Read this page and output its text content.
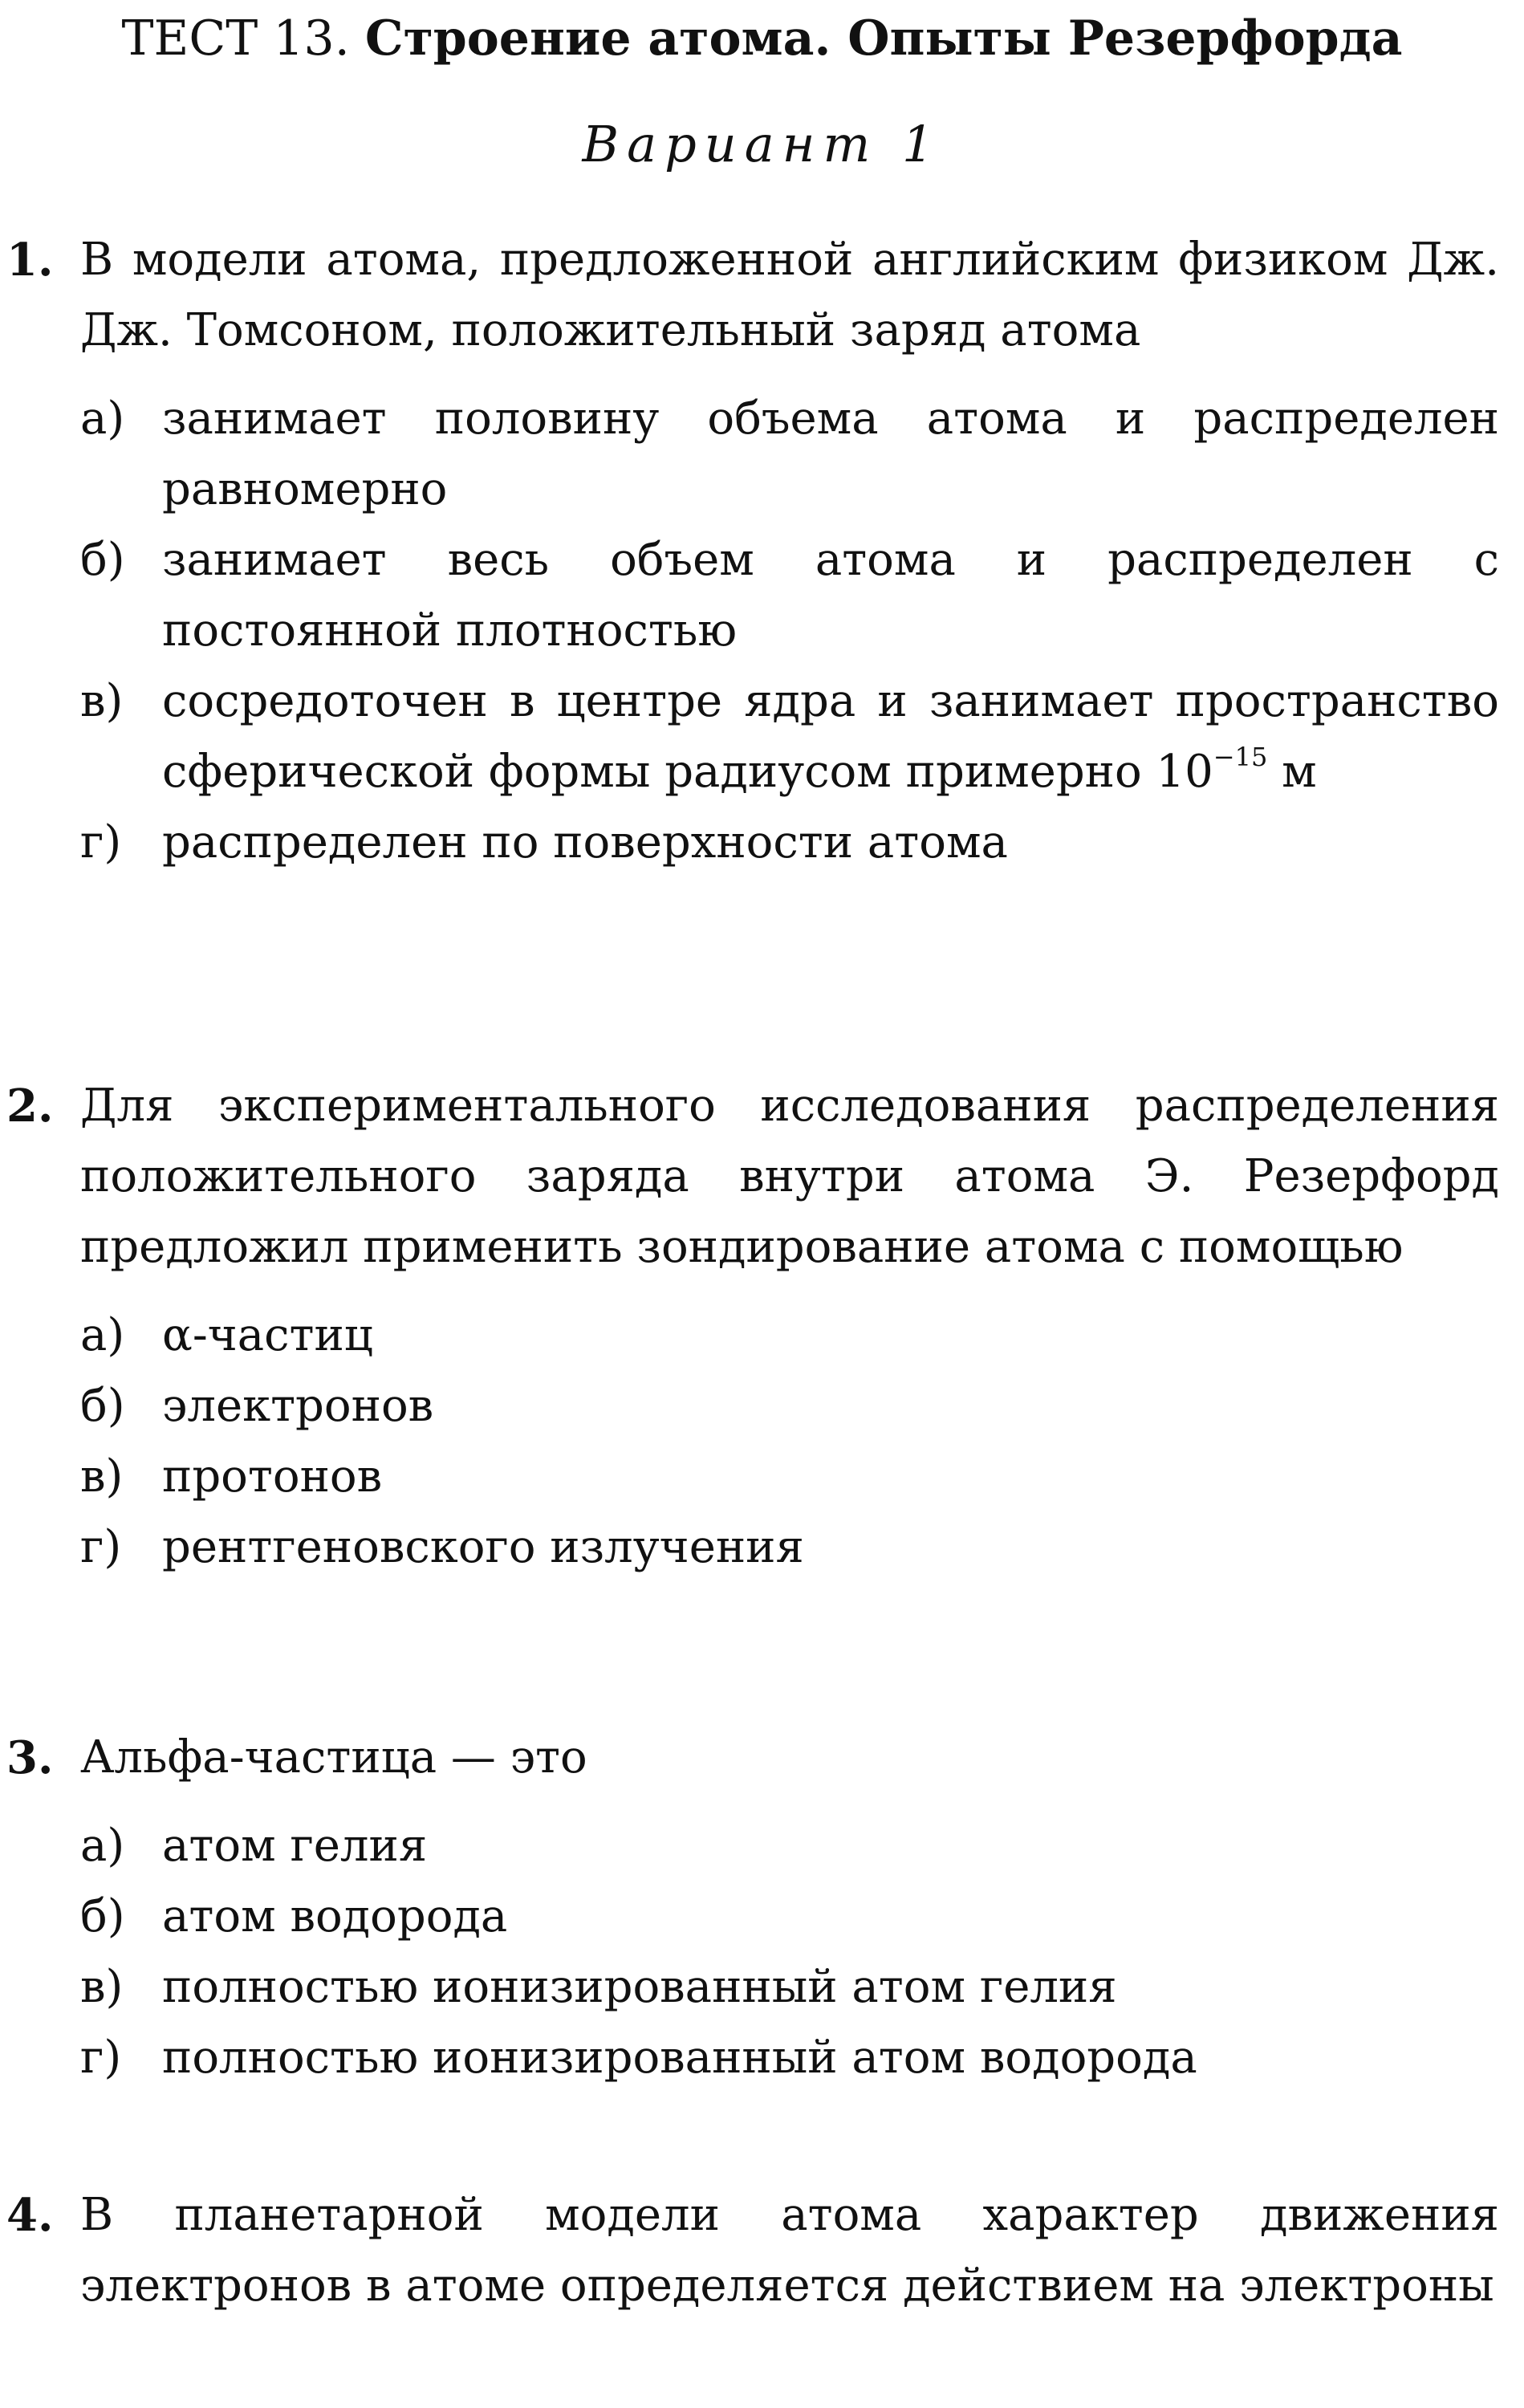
ТЕСТ 13. Строение атома. Опыты Резерфорда
Вариант 1
1. В модели атома, предложенной английским физиком Дж. Дж. Томсоном, положительный заряд атома
а) занимает половину объема атома и распределен равномерно
б) занимает весь объем атома и распределен с постоянной плотностью
в) сосредоточен в центре ядра и занимает пространство сферической формы радиусом примерно $10^{-15}$ м
г) распределен по поверхности атома
2. Для экспериментального исследования распределения положительного заряда внутри атома Э. Резерфорд предложил применить зондирование атома с помощью
а) α-частиц
б) электронов
в) протонов
г) рентгеновского излучения
3. Альфа-частица — это
а) атом гелия
б) атом водорода
в) полностью ионизированный атом гелия
г) полностью ионизированный атом водорода
4. В планетарной модели атома характер движения электронов в атоме определяется действием на электроны
